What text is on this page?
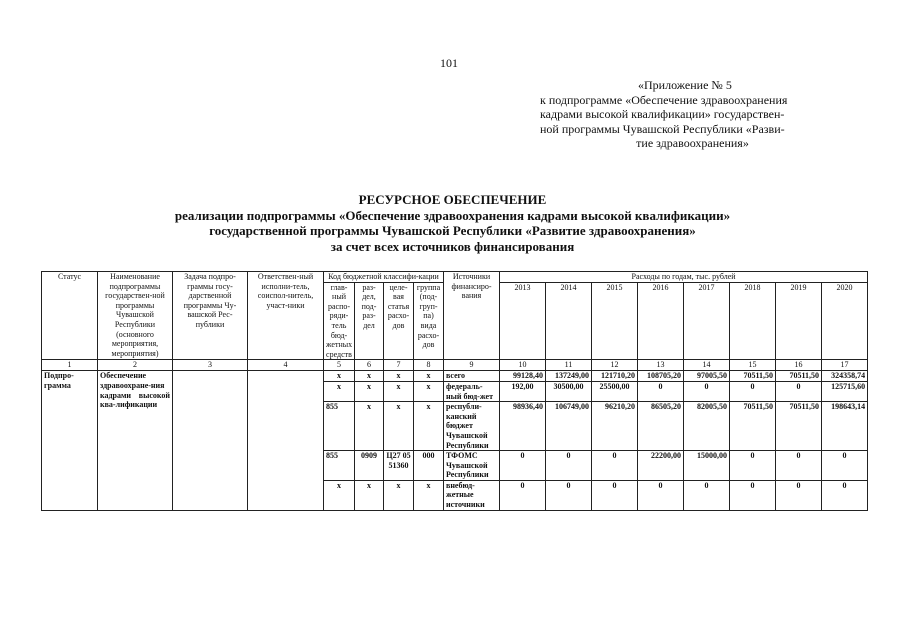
101
«Приложение № 5
к подпрограмме «Обеспечение здравоохранения
кадрами высокой квалификации» государствен-
ной программы Чувашской Республики «Разви-
тие здравоохранения»
РЕСУРСНОЕ ОБЕСПЕЧЕНИЕ
реализации подпрограммы «Обеспечение здравоохранения кадрами высокой квалификации»
государственной программы Чувашской Республики «Развитие здравоохранения»
за счет всех источников финансирования
Статус	Наименование подпрограммы государствен-ной программы Чувашской Республики (основного мероприятия, мероприятия)	Задача подпро-граммы госу-дарственной программы Чу-вашской Рес-публики	Ответствен-ный исполни-тель, соиспол-нитель, участ-ники	Код бюджетной классифи-кации				Источники финансиро-вания	Расходы по годам, тыс. рублей							
				глав-ный распо-ряди-тель бюд-жетных средств	раз-дел, под-раз-дел	целе-вая статья расхо-дов	группа (под-груп-па) вида расхо-дов		2013	2014	2015	2016	2017	2018	2019	2020
1	2	3	4	5	6	7	8	9	10	11	12	13	14	15	16	17
Подпро-грамма	Обеспечение здравоохране-ния кадрами высокой ква-лификации			х	х	х	х	всего	99128,40	137249,00	121710,20	108705,20	97005,50	70511,50	70511,50	324358,74
				х	х	х	х	федераль-ный бюд-жет	192,00	30500,00	25500,00	0	0	0	0	125715,60
				855	х	х	х	республи-канский бюджет Чувашской Республики	98936,40	106749,00	96210,20	86505,20	82005,50	70511,50	70511,50	198643,14
				855	0909	Ц27 05 51360	000	ТФОМС Чувашской Республики	0	0	0	22200,00	15000,00	0	0	0
				х	х	х	х	внебюд-жетные источники	0	0	0	0	0	0	0	0
